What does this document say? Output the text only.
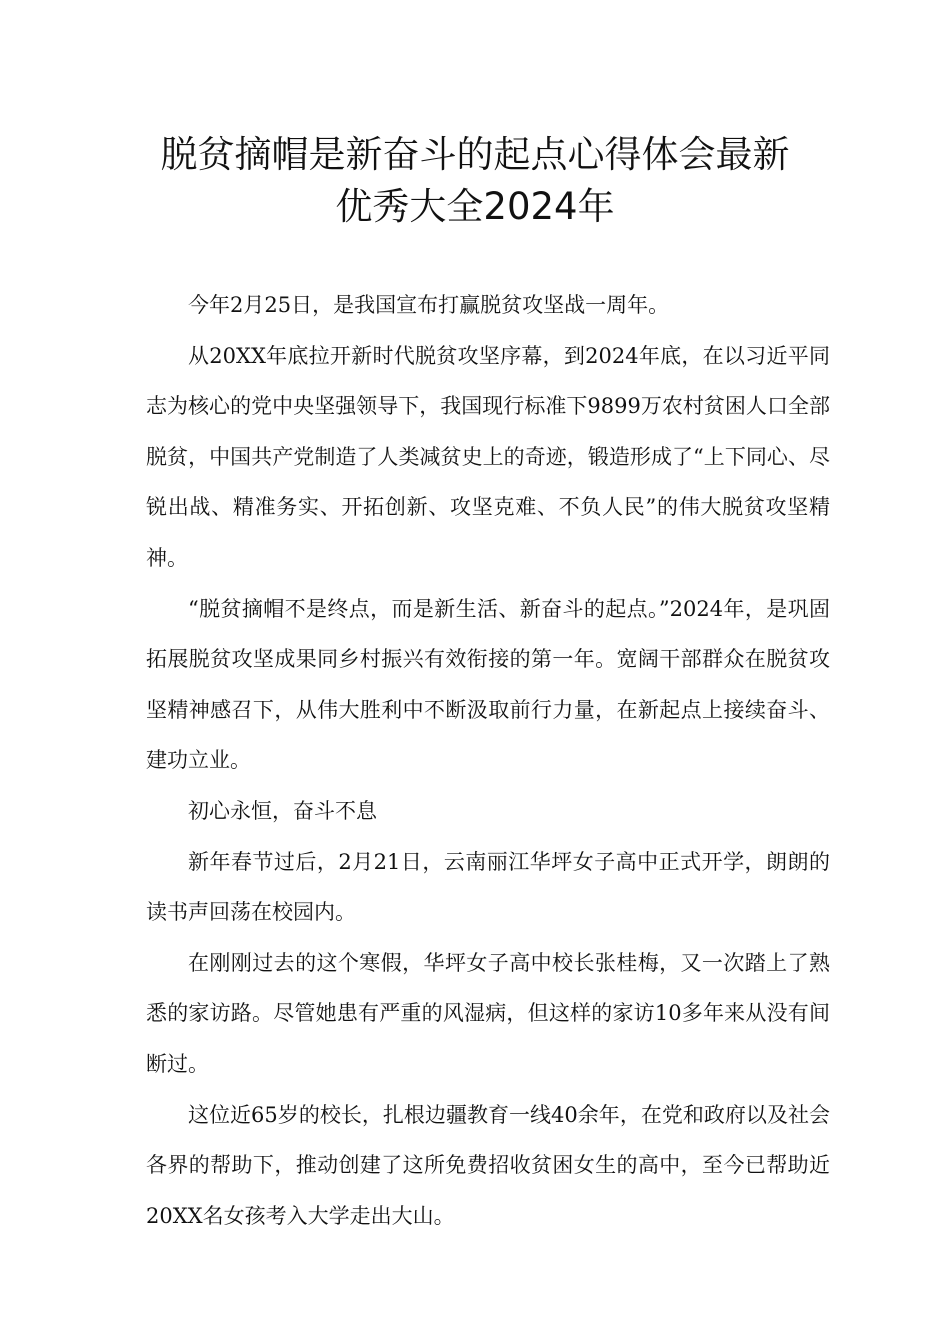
脱贫摘帽是新奋斗的起点心得体会最新
优秀大全2024年

今年2月25日，是我国宣布打赢脱贫攻坚战一周年。

从20XX年底拉开新时代脱贫攻坚序幕，到2024年底，在以习近平同志为核心的党中央坚强领导下，我国现行标准下9899万农村贫困人口全部脱贫，中国共产党制造了人类减贫史上的奇迹，锻造形成了“上下同心、尽锐出战、精准务实、开拓创新、攻坚克难、不负人民”的伟大脱贫攻坚精神。

“脱贫摘帽不是终点，而是新生活、新奋斗的起点。”2024年，是巩固拓展脱贫攻坚成果同乡村振兴有效衔接的第一年。宽阔干部群众在脱贫攻坚精神感召下，从伟大胜利中不断汲取前行力量，在新起点上接续奋斗、建功立业。

初心永恒，奋斗不息

新年春节过后，2月21日，云南丽江华坪女子高中正式开学，朗朗的读书声回荡在校园内。

在刚刚过去的这个寒假，华坪女子高中校长张桂梅，又一次踏上了熟悉的家访路。尽管她患有严重的风湿病，但这样的家访10多年来从没有间断过。

这位近65岁的校长，扎根边疆教育一线40余年，在党和政府以及社会各界的帮助下，推动创建了这所免费招收贫困女生的高中，至今已帮助近20XX名女孩考入大学走出大山。
